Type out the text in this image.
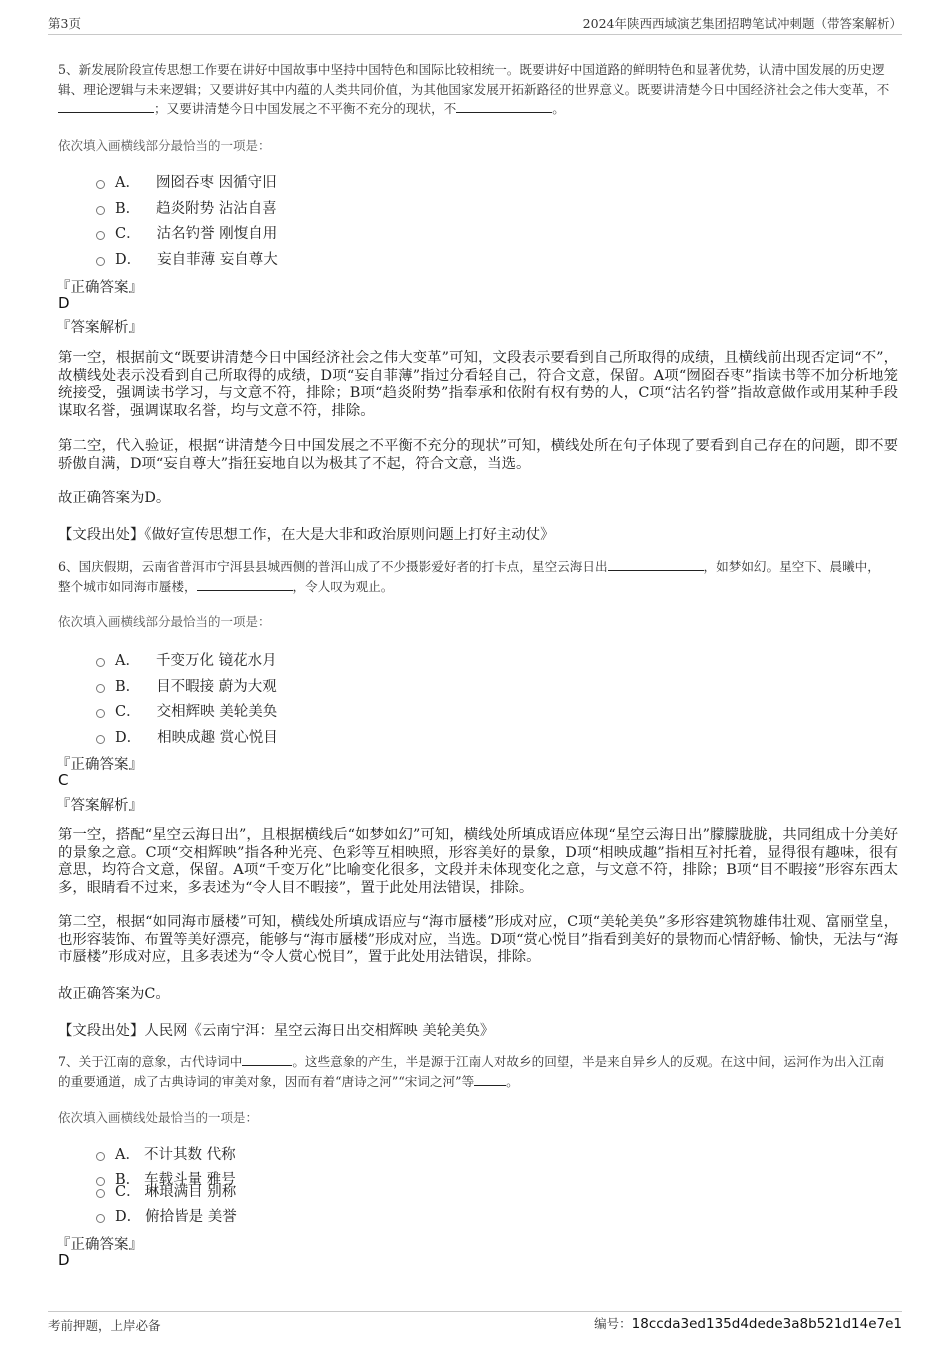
第3页	2024年陕西西域演艺集团招聘笔试冲刺题（带答案解析）
5、新发展阶段宣传思想工作要在讲好中国故事中坚持中国特色和国际比较相统一。既要讲好中国道路的鲜明特色和显著优势，认清中国发展的历史逻辑、理论逻辑与未来逻辑；又要讲好其中内蕴的人类共同价值，为其他国家发展开拓新路径的世界意义。既要讲清楚今日中国经济社会之伟大变革，不；又要讲清楚今日中国发展之不平衡不充分的现状，不	。
依次填入画横线部分最恰当的一项是：
A． 囫囵吞枣 因循守旧
B． 趋炎附势 沾沾自喜
C． 沽名钓誉 刚愎自用
D． 妄自菲薄 妄自尊大
『正确答案』
D
『答案解析』
第一空，根据前文“既要讲清楚今日中国经济社会之伟大变革”可知，文段表示要看到自己所取得的成绩，且横线前出现否定词“不”，故横线处表示没看到自己所取得的成绩，D项“妄自菲薄”指过分看轻自己，符合文意，保留。A项“囫囵吞枣”指读书等不加分析地笼统接受，强调读书学习，与文意不符，排除；B项“趋炎附势”指奉承和依附有权有势的人，C项“沽名钓誉”指故意做作或用某种手段谋取名誉，强调谋取名誉，均与文意不符，排除。
第二空，代入验证，根据“讲清楚今日中国发展之不平衡不充分的现状”可知，横线处所在句子体现了要看到自己存在的问题，即不要骄傲自满，D项“妄自尊大”指狂妄地自以为极其了不起，符合文意，当选。
故正确答案为D。
【文段出处】《做好宣传思想工作，在大是大非和政治原则问题上打好主动仗》
6、国庆假期，云南省普洱市宁洱县县城西侧的普洱山成了不少摄影爱好者的打卡点，星空云海日出	，如梦如幻。星空下、晨曦中，整个城市如同海市蜃楼，	，令人叹为观止。
依次填入画横线部分最恰当的一项是：
A． 千变万化 镜花水月
B． 目不暇接 蔚为大观
C． 交相辉映 美轮美奂
D． 相映成趣 赏心悦目
『正确答案』
C
『答案解析』
第一空，搭配“星空云海日出”，且根据横线后“如梦如幻”可知，横线处所填成语应体现“星空云海日出”朦朦胧胧，共同组成十分美好的景象之意。C项“交相辉映”指各种光亮、色彩等互相映照，形容美好的景象，D项“相映成趣”指相互衬托着，显得很有趣味，很有意思，均符合文意，保留。A项“千变万化”比喻变化很多，文段并未体现变化之意，与文意不符，排除；B项“目不暇接”形容东西太多，眼睛看不过来，多表述为“令人目不暇接”，置于此处用法错误，排除。
第二空，根据“如同海市蜃楼”可知，横线处所填成语应与“海市蜃楼”形成对应，C项“美轮美奂”多形容建筑物雄伟壮观、富丽堂皇，也形容装饰、布置等美好漂亮，能够与“海市蜃楼”形成对应，当选。D项“赏心悦目”指看到美好的景物而心情舒畅、愉快，无法与“海市蜃楼”形成对应，且多表述为“令人赏心悦目”，置于此处用法错误，排除。
故正确答案为C。
【文段出处】人民网《云南宁洱：星空云海日出交相辉映 美轮美奂》
7、关于江南的意象，古代诗词中	。这些意象的产生，半是源于江南人对故乡的回望，半是来自异乡人的反观。在这中间，运河作为出入江南的重要通道，成了古典诗词的审美对象，因而有着“唐诗之河”“宋词之河”等	。
依次填入画横线处最恰当的一项是：
A． 不计其数 代称
B． 车载斗量 雅号
C． 琳琅满目 别称
D． 俯拾皆是 美誉
『正确答案』
D
考前押题，上岸必备	编号：18ccda3ed135d4dede3a8b521d14e7e1
